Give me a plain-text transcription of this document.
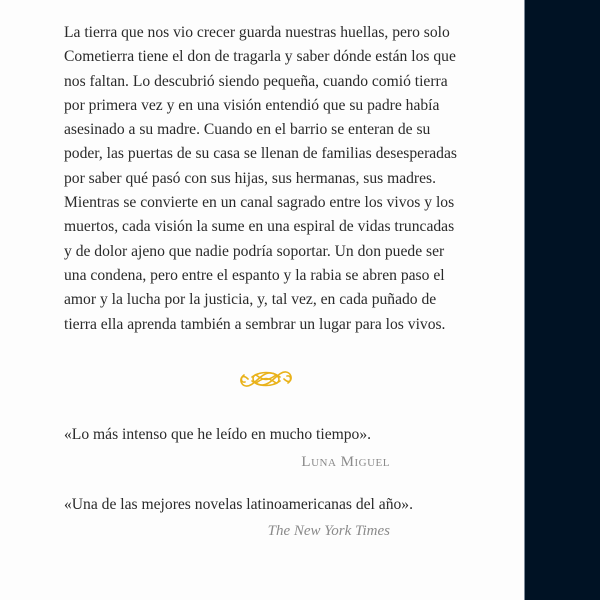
La tierra que nos vio crecer guarda nuestras huellas, pero solo
Cometierra tiene el don de tragarla y saber dónde están los que
nos faltan. Lo descubrió siendo pequeña, cuando comió tierra
por primera vez y en una visión entendió que su padre había
asesinado a su madre. Cuando en el barrio se enteran de su
poder, las puertas de su casa se llenan de familias desesperadas
por saber qué pasó con sus hijas, sus hermanas, sus madres.
Mientras se convierte en un canal sagrado entre los vivos y los
muertos, cada visión la sume en una espiral de vidas truncadas
y de dolor ajeno que nadie podría soportar. Un don puede ser
una condena, pero entre el espanto y la rabia se abren paso el
amor y la lucha por la justicia, y, tal vez, en cada puñado de
tierra ella aprenda también a sembrar un lugar para los vivos.

«Lo más intenso que he leído en mucho tiempo».

Luna Miguel

«Una de las mejores novelas latinoamericanas del año».

The New York Times
